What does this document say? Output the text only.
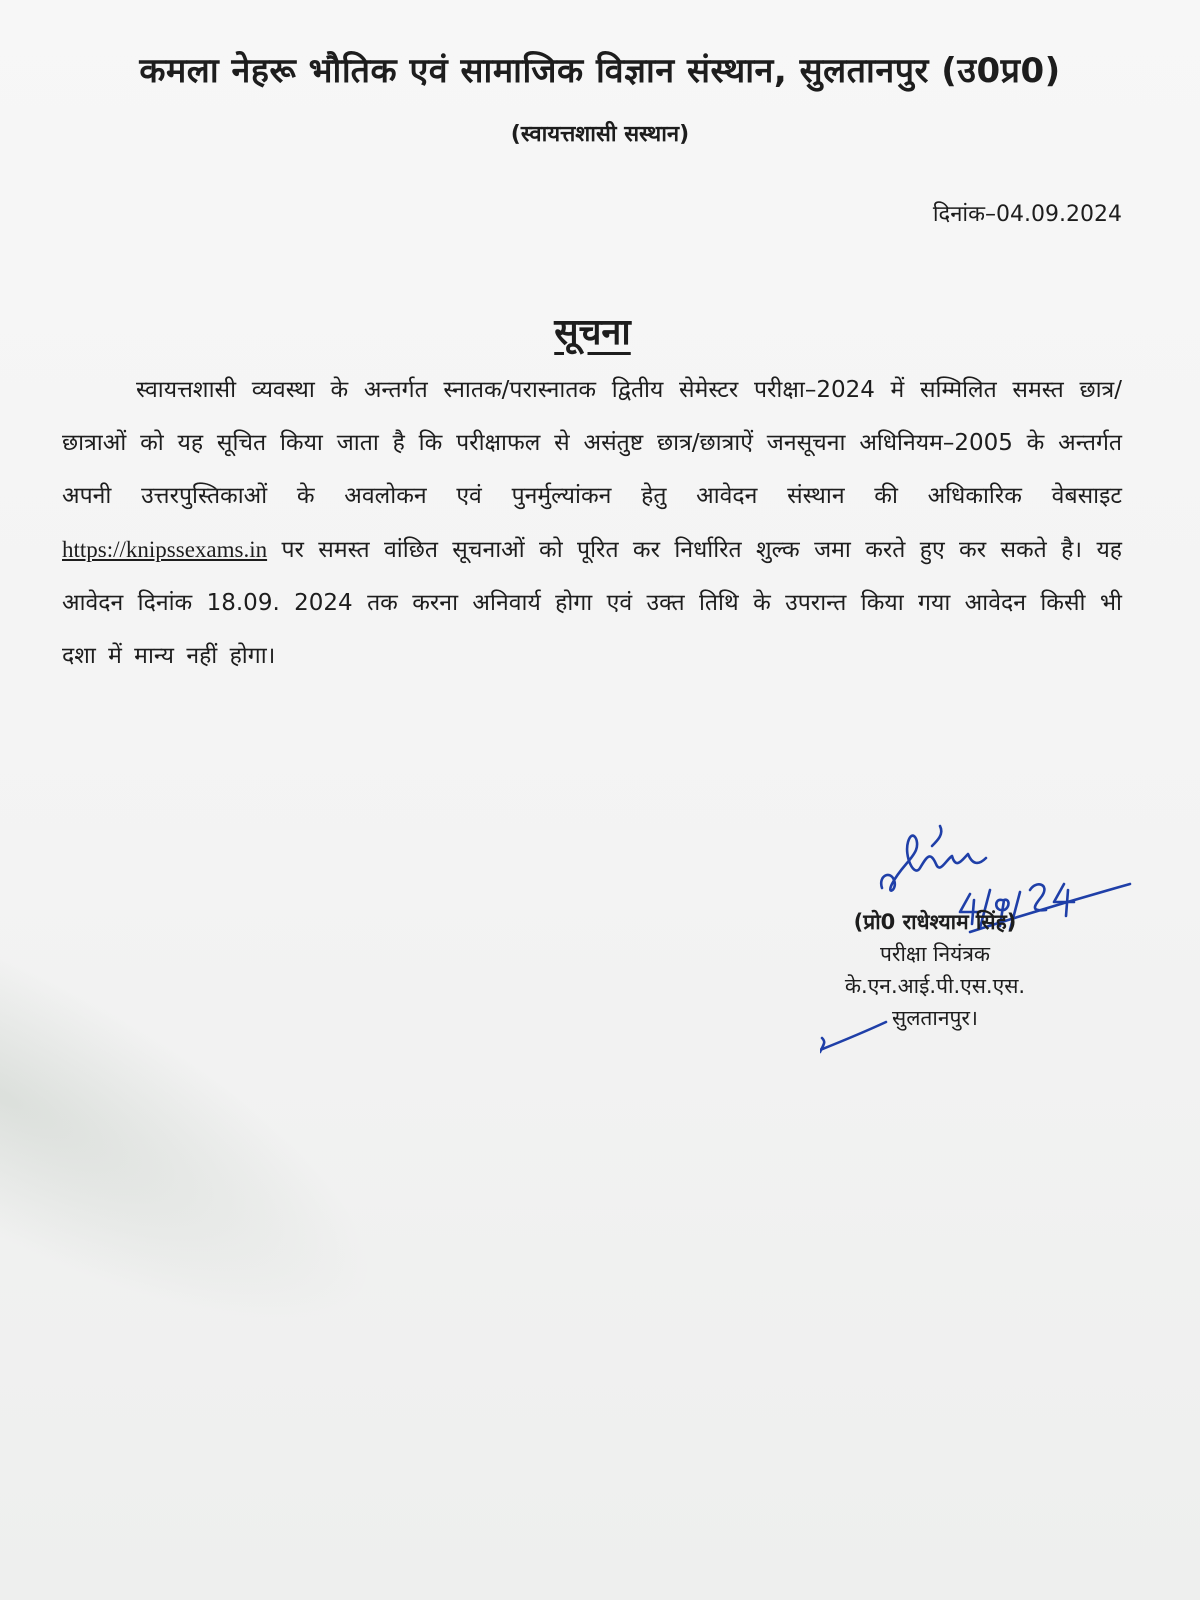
कमला नेहरू भौतिक एवं सामाजिक विज्ञान संस्थान, सुलतानपुर (उ0प्र0)
(स्वायत्तशासी सस्थान)
दिनांक–04.09.2024
सूचना
स्वायत्तशासी व्यवस्था के अन्तर्गत स्नातक/परास्नातक द्वितीय सेमेस्टर परीक्षा–2024 में सम्मिलित समस्त छात्र/छात्राओं को यह सूचित किया जाता है कि परीक्षाफल से असंतुष्ट छात्र/छात्राऐं जनसूचना अधिनियम–2005 के अन्तर्गत अपनी उत्तरपुस्तिकाओं के अवलोकन एवं पुनर्मुल्यांकन हेतु आवेदन संस्थान की अधिकारिक वेबसाइट https://knipssexams.in पर समस्त वांछित सूचनाओं को पूरित कर निर्धारित शुल्क जमा करते हुए कर सकते है। यह आवेदन दिनांक 18.09. 2024 तक करना अनिवार्य होगा एवं उक्त तिथि के उपरान्त किया गया आवेदन किसी भी दशा में मान्य नहीं होगा।
(प्रो0 राधेश्याम सिंह)
परीक्षा नियंत्रक
के.एन.आई.पी.एस.एस.
सुलतानपुर।
